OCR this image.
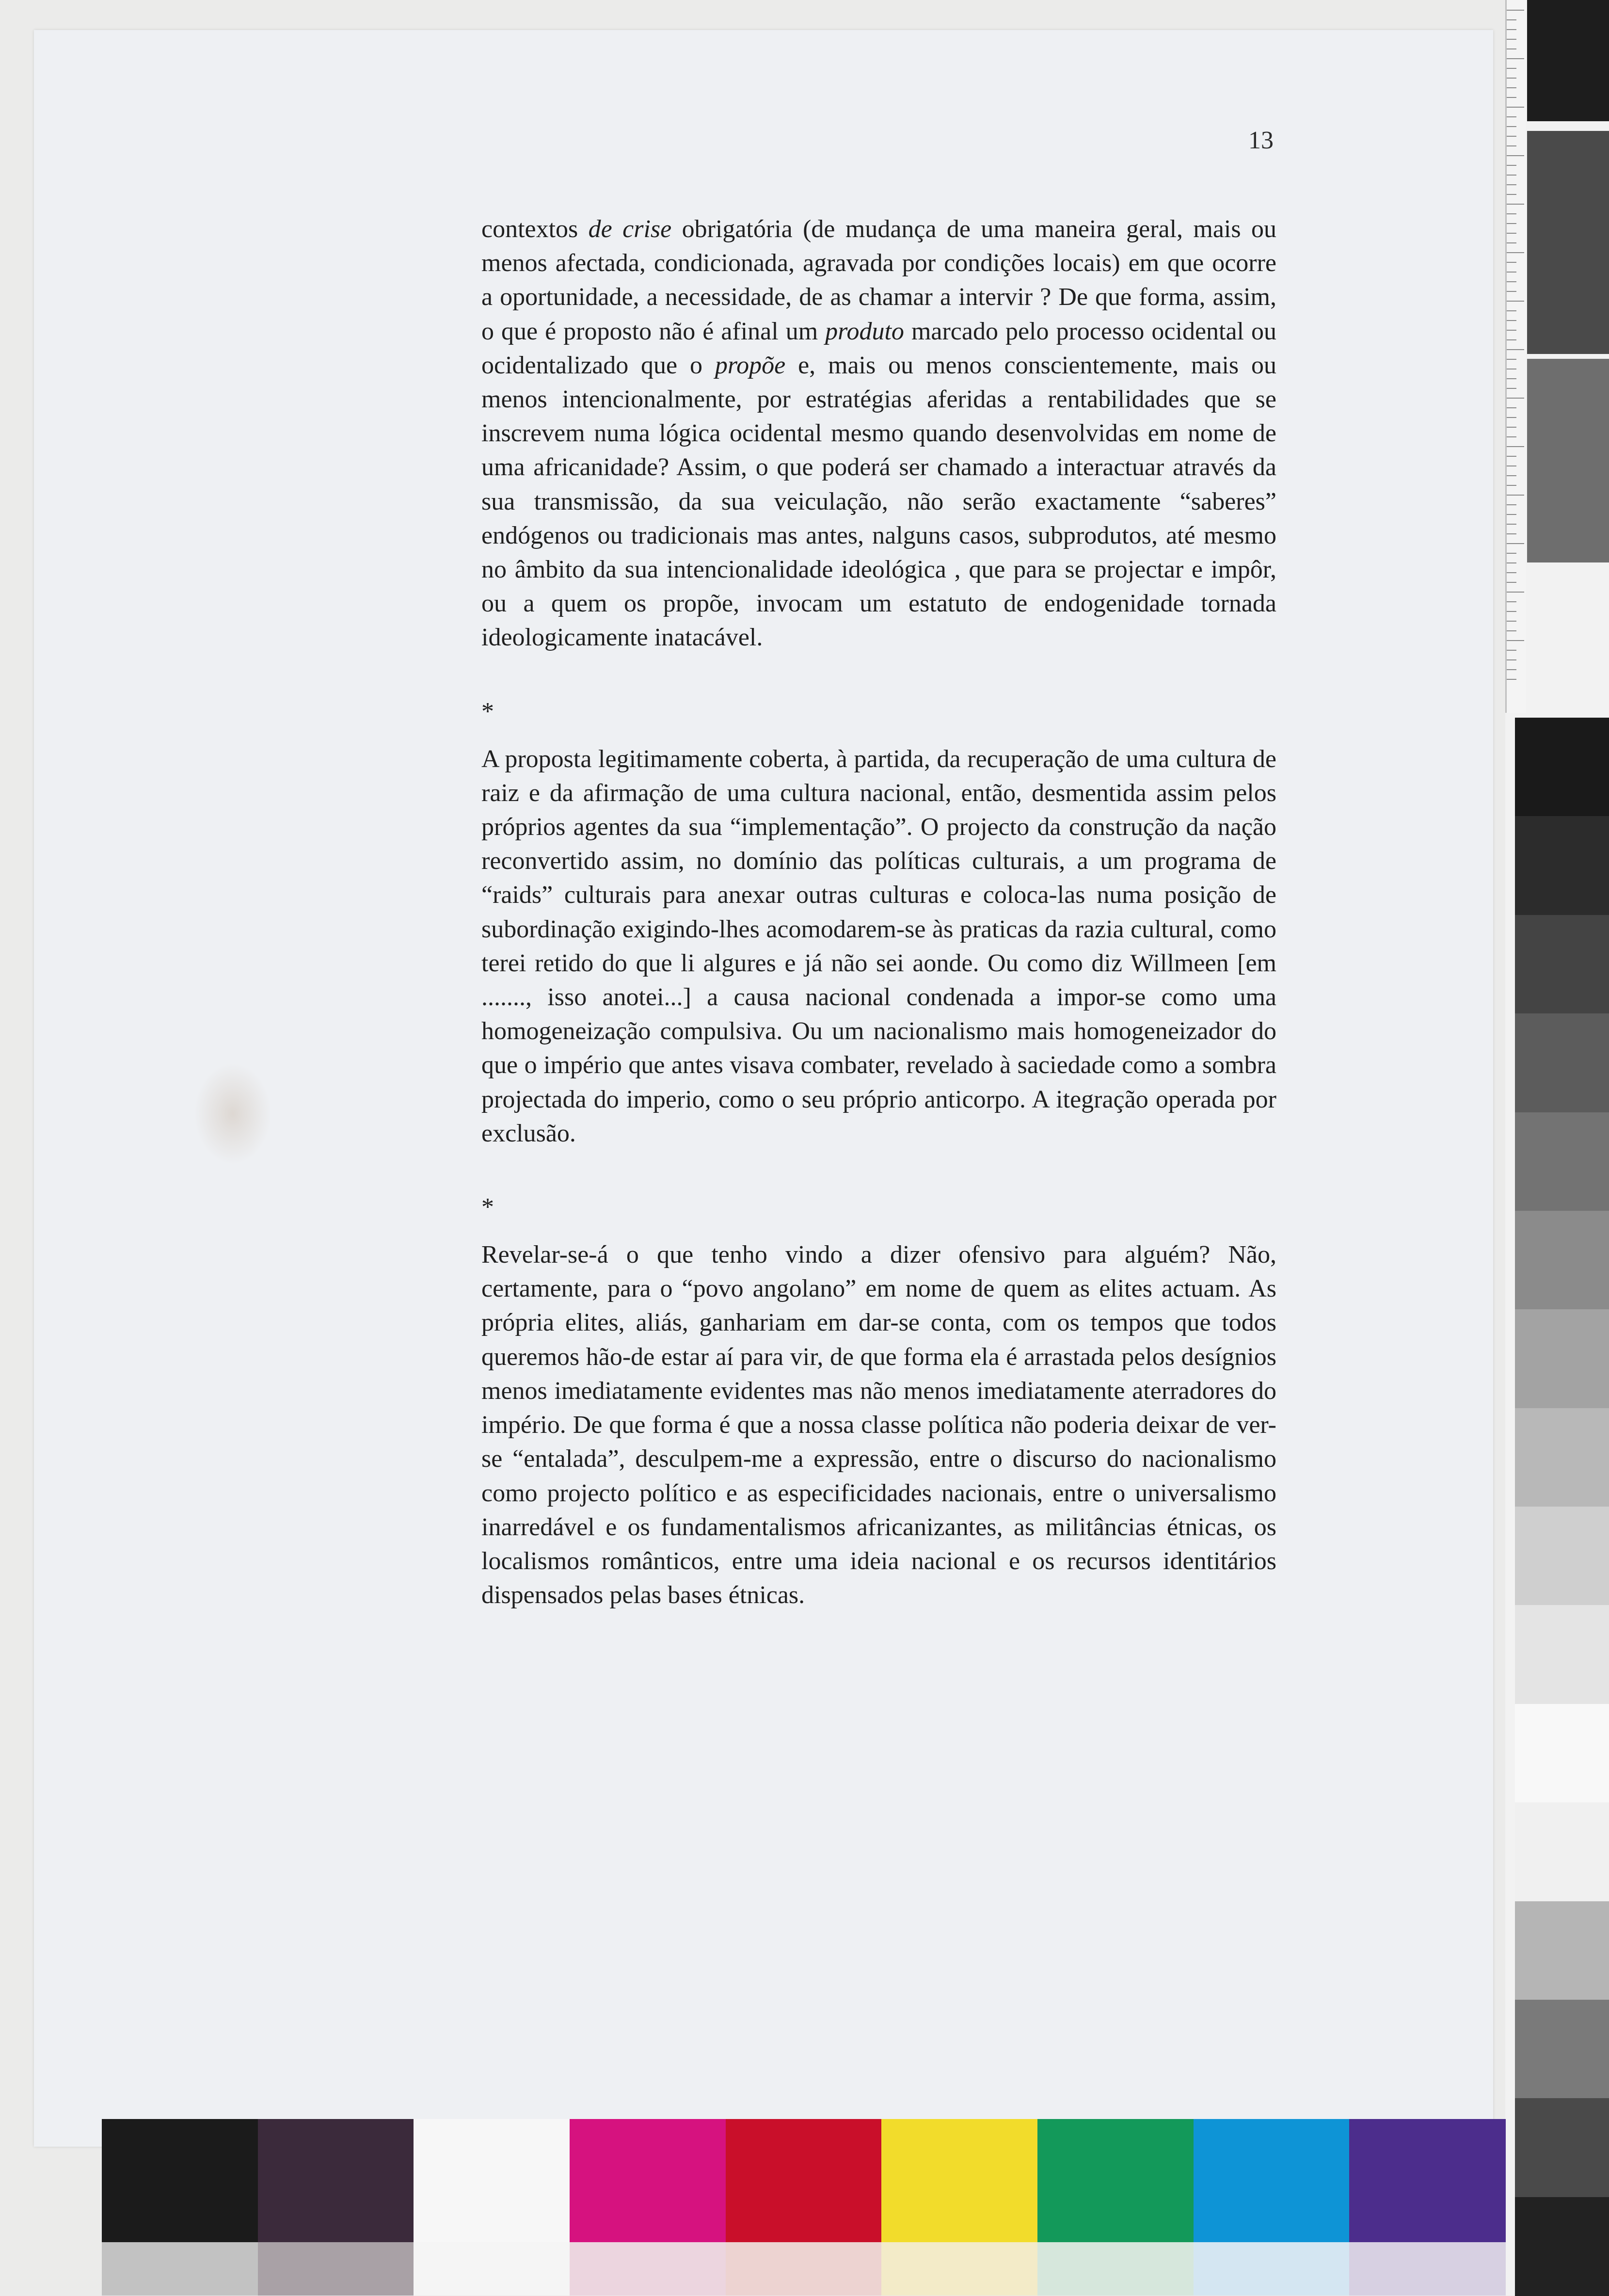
13

contextos de crise obrigatória (de mudança de uma maneira geral, mais ou menos afectada, condicionada, agravada por condições locais) em que ocorre a oportunidade, a necessidade, de as chamar a intervir ? De que forma, assim, o que é proposto não é afinal um produto marcado pelo processo ocidental ou ocidentalizado que o propõe e, mais ou menos conscientemente, mais ou menos intencionalmente, por estratégias aferidas a rentabilidades que se inscrevem numa lógica ocidental mesmo quando desenvolvidas em nome de uma africanidade? Assim, o que poderá ser chamado a interactuar através da sua transmissão, da sua veiculação, não serão exactamente “saberes” endógenos ou tradicionais mas antes, nalguns casos, subprodutos, até mesmo no âmbito da sua intencionalidade ideológica , que para se projectar e impôr, ou a quem os propõe, invocam um estatuto de endogenidade tornada ideologicamente inatacável.

*

A proposta legitimamente coberta, à partida, da recuperação de uma cultura de raiz e da afirmação de uma cultura nacional, então, desmentida assim pelos próprios agentes da sua “implementação”. O projecto da construção da nação reconvertido assim, no domínio das políticas culturais, a um programa de “raids” culturais para anexar outras culturas e coloca-las numa posição de subordinação exigindo-lhes acomodarem-se às praticas da razia cultural, como terei retido do que li algures e já não sei aonde. Ou como diz Willmeen [em ......., isso anotei...] a causa nacional condenada a impor-se como uma homogeneização compulsiva. Ou um nacionalismo mais homogeneizador do que o império que antes visava combater, revelado à saciedade como a sombra projectada do imperio, como o seu próprio anticorpo. A itegração operada por exclusão.

*

Revelar-se-á o que tenho vindo a dizer ofensivo para alguém? Não, certamente, para o “povo angolano” em nome de quem as elites actuam. As própria elites, aliás, ganhariam em dar-se conta, com os tempos que todos queremos hão-de estar aí para vir, de que forma ela é arrastada pelos desígnios menos imediatamente evidentes mas não menos imediatamente aterradores do império. De que forma é que a nossa classe política não poderia deixar de ver-se “entalada”, desculpem-me a expressão, entre o discurso do nacionalismo como projecto político e as especificidades nacionais, entre o universalismo inarredável e os fundamentalismos africanizantes, as militâncias étnicas, os localismos românticos, entre uma ideia nacional e os recursos identitários dispensados pelas bases étnicas.
